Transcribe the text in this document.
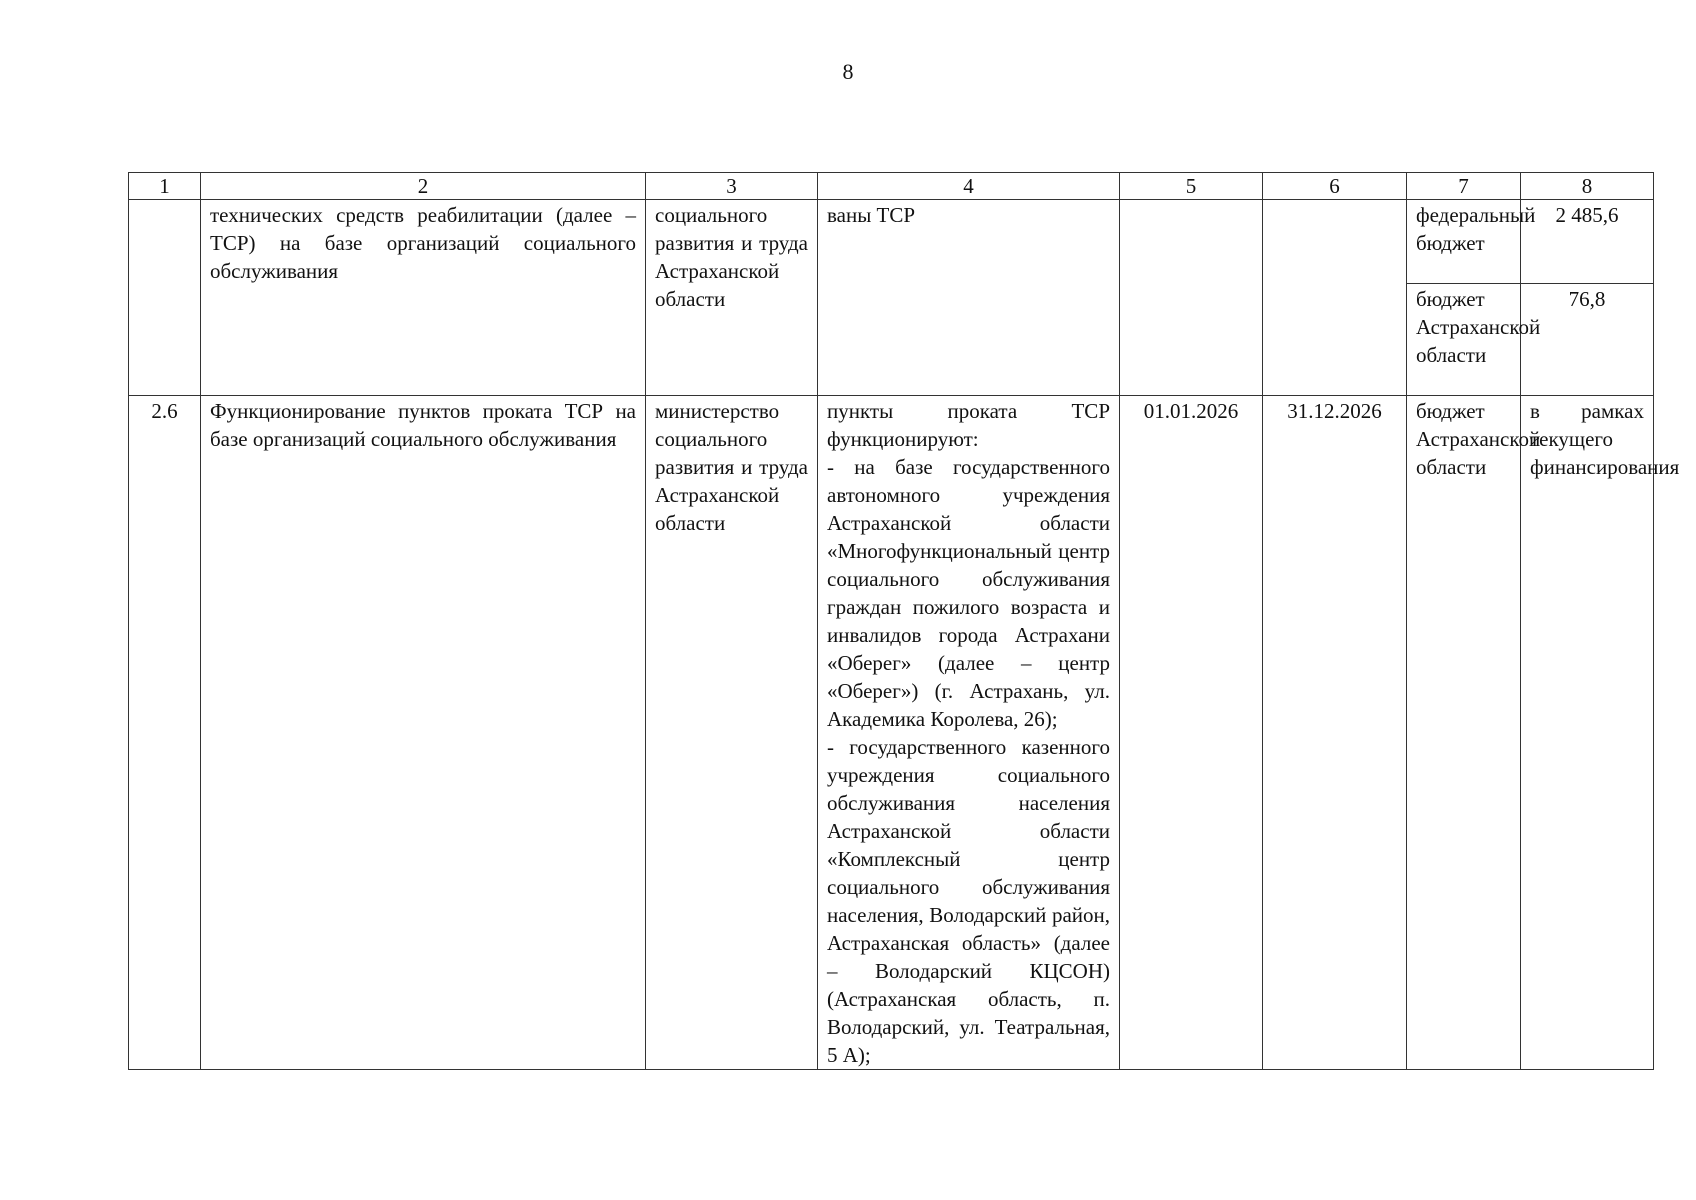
8
1	2	3	4	5	6	7	8
	технических средств реабилитации (далее – ТСР) на базе организаций социального обслуживания	социального развития и труда Астраханской области	ваны ТСР			федеральный бюджет	2 485,6
						бюджет Астраханской области	76,8
2.6	Функционирование пунктов проката ТСР на базе организаций социального обслуживания	министерство социального развития и труда Астраханской области	пункты проката ТСР функционируют:
- на базе государственного автономного учреждения Астраханской области «Многофункциональный центр социального обслуживания граждан пожилого возраста и инвалидов города Астрахани «Оберег» (далее – центр «Оберег») (г. Астрахань, ул. Академика Королева, 26);
- государственного казенного учреждения социального обслуживания населения Астраханской области «Комплексный центр социального обслуживания населения, Володарский район, Астраханская область» (далее – Володарский КЦСОН) (Астраханская область, п. Володарский, ул. Театральная, 5 А);	01.01.2026	31.12.2026	бюджет Астраханской области	в рамках текущего финансирования
